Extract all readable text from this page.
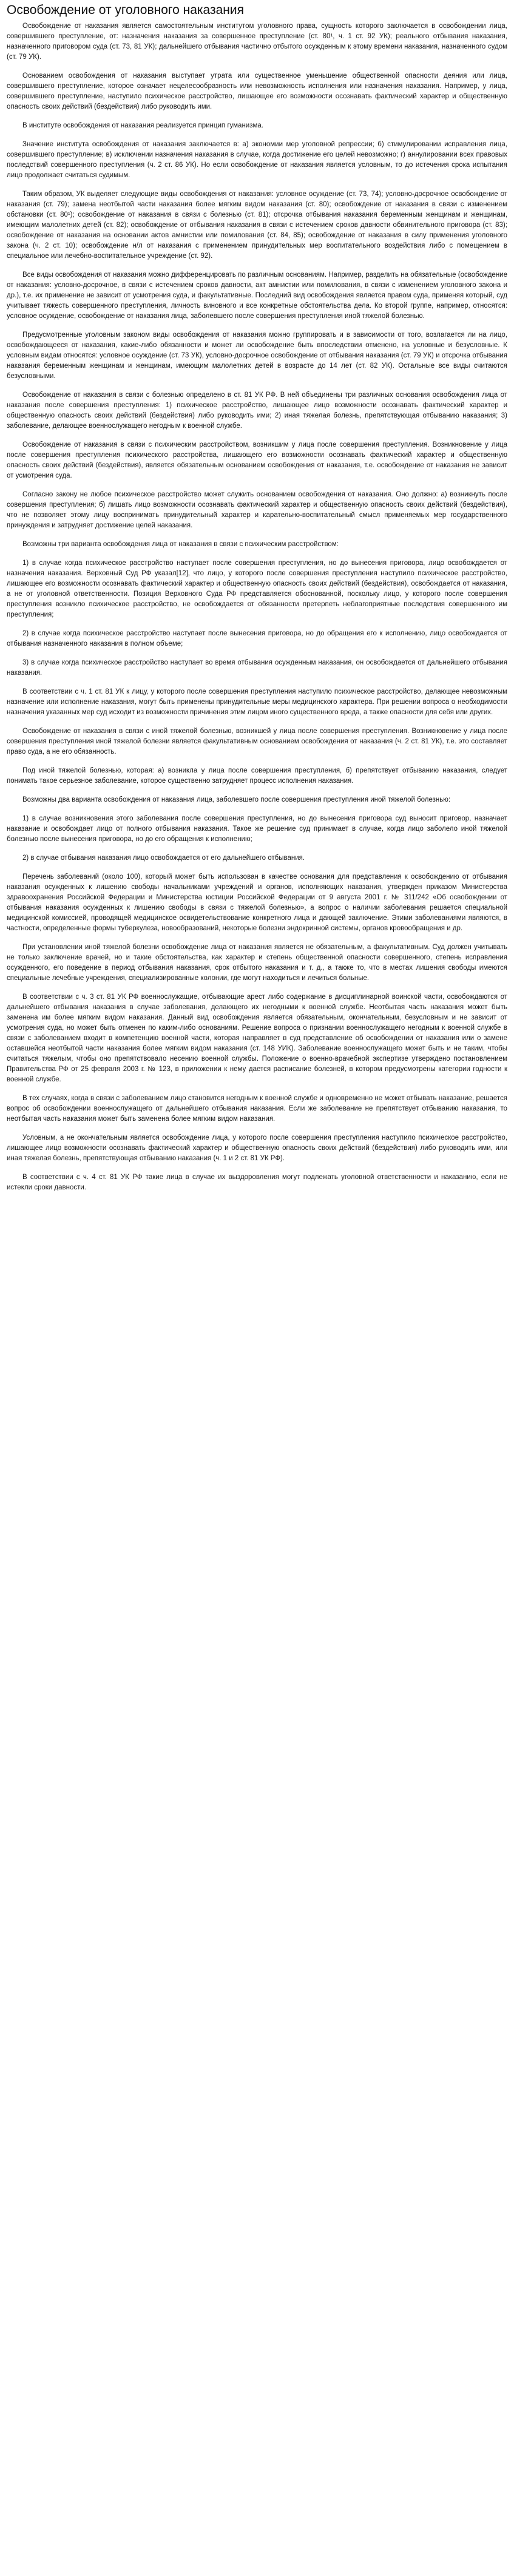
Освобождение от уголовного наказания

Освобождение от наказания является самостоятельным институтом уголовного права, сущность которого заключается в освобождении лица, совершившего преступление, от: назначения наказания за совершенное преступление (ст. 80¹, ч. 1 ст. 92 УК); реального отбывания наказания, назначенного приговором суда (ст. 73, 81 УК); дальнейшего отбывания частично отбытого осужденным к этому времени наказания, назначенного судом (ст. 79 УК).

Основанием освобождения от наказания выступает утрата или существенное уменьшение общественной опасности деяния или лица, совершившего преступление, которое означает нецелесообразность или невозможность исполнения или назначения наказания. Например, у лица, совершившего преступление, наступило психическое расстройство, лишающее его возможности осознавать фактический характер и общественную опасность своих действий (бездействия) либо руководить ими.

В институте освобождения от наказания реализуется принцип гуманизма.

Значение института освобождения от наказания заключается в: а) экономии мер уголовной репрессии; б) стимулировании исправления лица, совершившего преступление; в) исключении назначения наказания в случае, когда достижение его целей невозможно; г) аннулировании всех правовых последствий совершенного преступления (ч. 2 ст. 86 УК). Но если освобождение от наказания является условным, то до истечения срока испытания лицо продолжает считаться судимым.

Таким образом, УК выделяет следующие виды освобождения от наказания: условное осуждение (ст. 73, 74); условно-досрочное освобождение от наказания (ст. 79); замена неотбытой части наказания более мягким видом наказания (ст. 80); освобождение от наказания в связи с изменением обстановки (ст. 80¹); освобождение от наказания в связи с болезнью (ст. 81); отсрочка отбывания наказания беременным женщинам и женщинам, имеющим малолетних детей (ст. 82); освобождение от отбывания наказания в связи с истечением сроков давности обвинительного приговора (ст. 83); освобождение от наказания на основании актов амнистии или помилования (ст. 84, 85); освобождение от наказания в силу применения уголовного закона (ч. 2 ст. 10); освобождение н/л от наказания с применением принудительных мер воспитательного воздействия либо с помещением в специальное или лечебно-воспитательное учреждение (ст. 92).

Все виды освобождения от наказания можно дифференцировать по различным основаниям. Например, разделить на обязательные (освобождение от наказания: условно-досрочное, в связи с истечением сроков давности, акт амнистии или помилования, в связи с изменением уголовного закона и др.), т.е. их применение не зависит от усмотрения суда, и факультативные. Последний вид освобождения является правом суда, применяя который, суд учитывает тяжесть совершенного преступления, личность виновного и все конкретные обстоятельства дела. Ко второй группе, например, относятся: условное осуждение, освобождение от наказания лица, заболевшего после совершения преступления иной тяжелой болезнью.

Предусмотренные уголовным законом виды освобождения от наказания можно группировать и в зависимости от того, возлагается ли на лицо, освобождающееся от наказания, какие-либо обязанности и может ли освобождение быть впоследствии отменено, на условные и безусловные. К условным видам относятся: условное осуждение (ст. 73 УК), условно-досрочное освобождение от отбывания наказания (ст. 79 УК) и отсрочка отбывания наказания беременным женщинам и женщинам, имеющим малолетних детей в возрасте до 14 лет (ст. 82 УК). Остальные все виды считаются безусловными.

Освобождение от наказания в связи с болезнью определено в ст. 81 УК РФ. В ней объединены три различных основания освобождения лица от наказания после совершения преступления: 1) психическое расстройство, лишающее лицо возможности осознавать фактический характер и общественную опасность своих действий (бездействия) либо руководить ими; 2) иная тяжелая болезнь, препятствующая отбыванию наказания; 3) заболевание, делающее военнослужащего негодным к военной службе.

Освобождение от наказания в связи с психическим расстройством, возникшим у лица после совершения преступления. Возникновение у лица после совершения преступления психического расстройства, лишающего его возможности осознавать фактический характер и общественную опасность своих действий (бездействия), является обязательным основанием освобождения от наказания, т.е. освобождение от наказания не зависит от усмотрения суда.

Согласно закону не любое психическое расстройство может служить основанием освобождения от наказания. Оно должно: а) возникнуть после совершения преступления; б) лишать лицо возможности осознавать фактический характер и общественную опасность своих действий (бездействия), что не позволяет этому лицу воспринимать принудительный характер и карательно-воспитательный смысл применяемых мер государственного принуждения и затрудняет достижение целей наказания.

Возможны три варианта освобождения лица от наказания в связи с психическим расстройством:

1) в случае когда психическое расстройство наступает после совершения преступления, но до вынесения приговора, лицо освобождается от назначения наказания. Верховный Суд РФ указал[12], что лицо, у которого после совершения преступления наступило психическое расстройство, лишающее его возможности осознавать фактический характер и общественную опасность своих действий (бездействия), освобождается от наказания, а не от уголовной ответственности. Позиция Верховного Суда РФ представляется обоснованной, поскольку лицо, у которого после совершения преступления возникло психическое расстройство, не освобождается от обязанности претерпеть неблагоприятные последствия совершенного им преступления;

2) в случае когда психическое расстройство наступает после вынесения приговора, но до обращения его к исполнению, лицо освобождается от отбывания назначенного наказания в полном объеме;

3) в случае когда психическое расстройство наступает во время отбывания осужденным наказания, он освобождается от дальнейшего отбывания наказания.

В соответствии с ч. 1 ст. 81 УК к лицу, у которого после совершения преступления наступило психическое расстройство, делающее невозможным назначение или исполнение наказания, могут быть применены принудительные меры медицинского характера. При решении вопроса о необходимости назначения указанных мер суд исходит из возможности причинения этим лицом иного существенного вреда, а также опасности для себя или других.

Освобождение от наказания в связи с иной тяжелой болезнью, возникшей у лица после совершения преступления. Возникновение у лица после совершения преступления иной тяжелой болезни является факультативным основанием освобождения от наказания (ч. 2 ст. 81 УК), т.е. это составляет право суда, а не его обязанность.

Под иной тяжелой болезнью, которая: а) возникла у лица после совершения преступления, б) препятствует отбыванию наказания, следует понимать такое серьезное заболевание, которое существенно затрудняет процесс исполнения наказания.

Возможны два варианта освобождения от наказания лица, заболевшего после совершения преступления иной тяжелой болезнью:

1) в случае возникновения этого заболевания после совершения преступления, но до вынесения приговора суд выносит приговор, назначает наказание и освобождает лицо от полного отбывания наказания. Такое же решение суд принимает в случае, когда лицо заболело иной тяжелой болезнью после вынесения приговора, но до его обращения к исполнению;

2) в случае отбывания наказания лицо освобождается от его дальнейшего отбывания.

Перечень заболеваний (около 100), который может быть использован в качестве основания для представления к освобождению от отбывания наказания осужденных к лишению свободы начальниками учреждений и органов, исполняющих наказания, утвержден приказом Министерства здравоохранения Российской Федерации и Министерства юстиции Российской Федерации от 9 августа 2001 г. № 311/242 «Об освобождении от отбывания наказания осужденных к лишению свободы в связи с тяжелой болезнью», а вопрос о наличии заболевания решается специальной медицинской комиссией, проводящей медицинское освидетельствование конкретного лица и дающей заключение. Этими заболеваниями являются, в частности, определенные формы туберкулеза, новообразований, некоторые болезни эндокринной системы, органов кровообращения и др.

При установлении иной тяжелой болезни освобождение лица от наказания является не обязательным, а факультативным. Суд должен учитывать не только заключение врачей, но и такие обстоятельства, как характер и степень общественной опасности совершенного, степень исправления осужденного, его поведение в период отбывания наказания, срок отбытого наказания и т. д., а также то, что в местах лишения свободы имеются специальные лечебные учреждения, специализированные колонии, где могут находиться и лечиться больные.

В соответствии с ч. 3 ст. 81 УК РФ военнослужащие, отбывающие арест либо содержание в дисциплинарной воинской части, освобождаются от дальнейшего отбывания наказания в случае заболевания, делающего их негодными к военной службе. Неотбытая часть наказания может быть заменена им более мягким видом наказания. Данный вид освобождения является обязательным, окончательным, безусловным и не зависит от усмотрения суда, но может быть отменен по каким-либо основаниям. Решение вопроса о признании военнослужащего негодным к военной службе в связи с заболеванием входит в компетенцию военной части, которая направляет в суд представление об освобождении от наказания или о замене оставшейся неотбытой части наказания более мягким видом наказания (ст. 148 УИК). Заболевание военнослужащего может быть и не таким, чтобы считаться тяжелым, чтобы оно препятствовало несению военной службы. Положение о военно-врачебной экспертизе утверждено постановлением Правительства РФ от 25 февраля 2003 г. № 123, в приложении к нему дается расписание болезней, в котором предусмотрены категории годности к военной службе.

В тех случаях, когда в связи с заболеванием лицо становится негодным к военной службе и одновременно не может отбывать наказание, решается вопрос об освобождении военнослужащего от дальнейшего отбывания наказания. Если же заболевание не препятствует отбыванию наказания, то неотбытая часть наказания может быть заменена более мягким видом наказания.

Условным, а не окончательным является освобождение лица, у которого после совершения преступления наступило психическое расстройство, лишающее лицо возможности осознавать фактический характер и общественную опасность своих действий (бездействия) либо руководить ими, или иная тяжелая болезнь, препятствующая отбыванию наказания (ч. 1 и 2 ст. 81 УК РФ).

В соответствии с ч. 4 ст. 81 УК РФ такие лица в случае их выздоровления могут подлежать уголовной ответственности и наказанию, если не истекли сроки давности.
